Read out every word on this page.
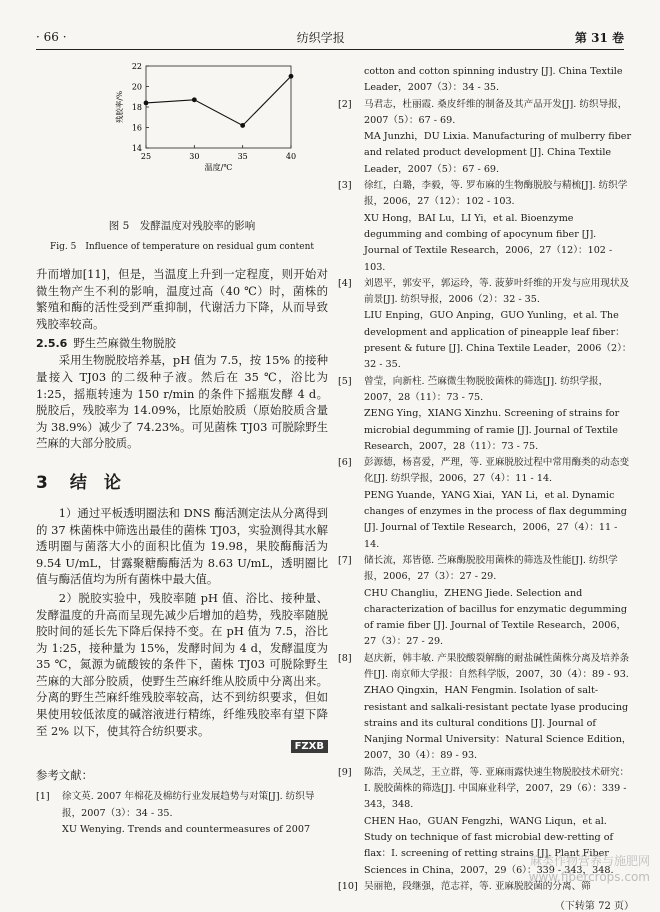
· 66 ·	纺织学报	第 31 卷
14
16
18
20
22
25	30	35	40
温度/℃
残胶率/%
图 5　发酵温度对残胶率的影响
Fig. 5　Influence of temperature on residual gum content

升而增加[11]，但是，当温度上升到一定程度，则开始对微生物产生不利的影响，温度过高（40 ℃）时，菌株的繁殖和酶的活性受到严重抑制，代谢活力下降，从而导致残胶率较高。

2.5.6 野生苎麻微生物脱胶

采用生物脱胶培养基，pH 值为 7.5，按 15% 的接种量接入 TJ03 的二级种子液。然后在 35 ℃，浴比为 1:25，摇瓶转速为 150 r/min 的条件下摇瓶发酵 4 d。脱胶后，残胶率为 14.09%，比原始胶质（原始胶质含量为 38.9%）减少了 74.23%。可见菌株 TJ03 可脱除野生苎麻的大部分胶质。

3 结　论

1）通过平板透明圈法和 DNS 酶活测定法从分离得到的 37 株菌株中筛选出最佳的菌株 TJ03，实验测得其水解透明圈与菌落大小的面积比值为 19.98，果胶酶酶活为 9.54 U/mL，甘露聚糖酶酶活为 8.63 U/mL，透明圈比值与酶活值均为所有菌株中最大值。

2）脱胶实验中，残胶率随 pH 值、浴比、接种量、发酵温度的升高而呈现先减少后增加的趋势，残胶率随脱胶时间的延长先下降后保持不变。在 pH 值为 7.5，浴比为 1:25，接种量为 15%，发酵时间为 4 d，发酵温度为 35 ℃，氮源为硫酸铵的条件下，菌株 TJ03 可脱除野生苎麻的大部分胶质，使野生苎麻纤维从胶质中分离出来。分离的野生苎麻纤维残胶率较高，达不到纺织要求，但如果使用较低浓度的碱溶液进行精练，纤维残胶率有望下降至 2% 以下，使其符合纺织要求。

FZXB
参考文献：
[1]	徐文英. 2007 年棉花及棉纺行业发展趋势与对策[J]. 纺织导报，2007（3）：34 - 35.
XU Wenying. Trends and countermeasures of 2007
cotton and cotton spinning industry [J]. China Textile Leader，2007（3）：34 - 35.
[2]	马君志，杜丽霞. 桑皮纤维的制备及其产品开发[J]. 纺织导报，2007（5）：67 - 69.
MA Junzhi，DU Lixia. Manufacturing of mulberry fiber and related product development [J]. China Textile Leader，2007（5）：67 - 69.
[3]	徐红，白璐，李毅，等. 罗布麻的生物酶脱胶与精梳[J]. 纺织学报，2006，27（12）：102 - 103.
XU Hong，BAI Lu，LI Yi，et al. Bioenzyme degumming and combing of apocynum fiber [J]. Journal of Textile Research，2006，27（12）：102 - 103.
[4]	刘恩平，郭安平，郭运玲，等. 菠萝叶纤维的开发与应用现状及前景[J]. 纺织导报，2006（2）：32 - 35.
LIU Enping，GUO Anping，GUO Yunling，et al. The development and application of pineapple leaf fiber：present & future [J]. China Textile Leader，2006（2）：32 - 35.
[5]	曾莹，向新柱. 苎麻微生物脱胶菌株的筛选[J]. 纺织学报，2007，28（11）：73 - 75.
ZENG Ying，XIANG Xinzhu. Screening of strains for microbial degumming of ramie [J]. Journal of Textile Research，2007，28（11）：73 - 75.
[6]	彭源德，杨喜爱，严理，等. 亚麻脱胶过程中常用酶类的动态变化[J]. 纺织学报，2006，27（4）：11 - 14.
PENG Yuande，YANG Xiai，YAN Li，et al. Dynamic changes of enzymes in the process of flax degumming [J]. Journal of Textile Research，2006，27（4）：11 - 14.
[7]	储长流，郑皆德. 苎麻酶脱胶用菌株的筛选及性能[J]. 纺织学报，2006，27（3）：27 - 29.
CHU Changliu，ZHENG Jiede. Selection and characterization of bacillus for enzymatic degumming of ramie fiber [J]. Journal of Textile Research，2006，27（3）：27 - 29.
[8]	赵庆新，韩丰敏. 产果胶酸裂解酶的耐盐碱性菌株分离及培养条件[J]. 南京师大学报：自然科学版，2007，30（4）：89 - 93.
ZHAO Qingxin，HAN Fengmin. Isolation of salt-resistant and salkali-resistant pectate lyase producing strains and its cultural conditions [J]. Journal of Nanjing Normal University：Natural Science Edition，2007，30（4）：89 - 93.
[9]	陈浩，关凤芝，王立群，等. 亚麻雨露快速生物脱胶技术研究：Ⅰ. 脱胶菌株的筛选[J]. 中国麻业科学，2007，29（6）：339 - 343，348.
CHEN Hao，GUAN Fengzhi，WANG Liqun，et al. Study on technique of fast microbial dew-retting of flax：Ⅰ. screening of retting strains [J]. Plant Fiber Sciences in China，2007，29（6）：339 - 343，348.
[10] 吴丽艳，段继强，范志祥，等. 亚麻脱胶菌的分离、筛
（下转第 72 页）
麻类作物营养与施肥网
www.fibercrops.com
